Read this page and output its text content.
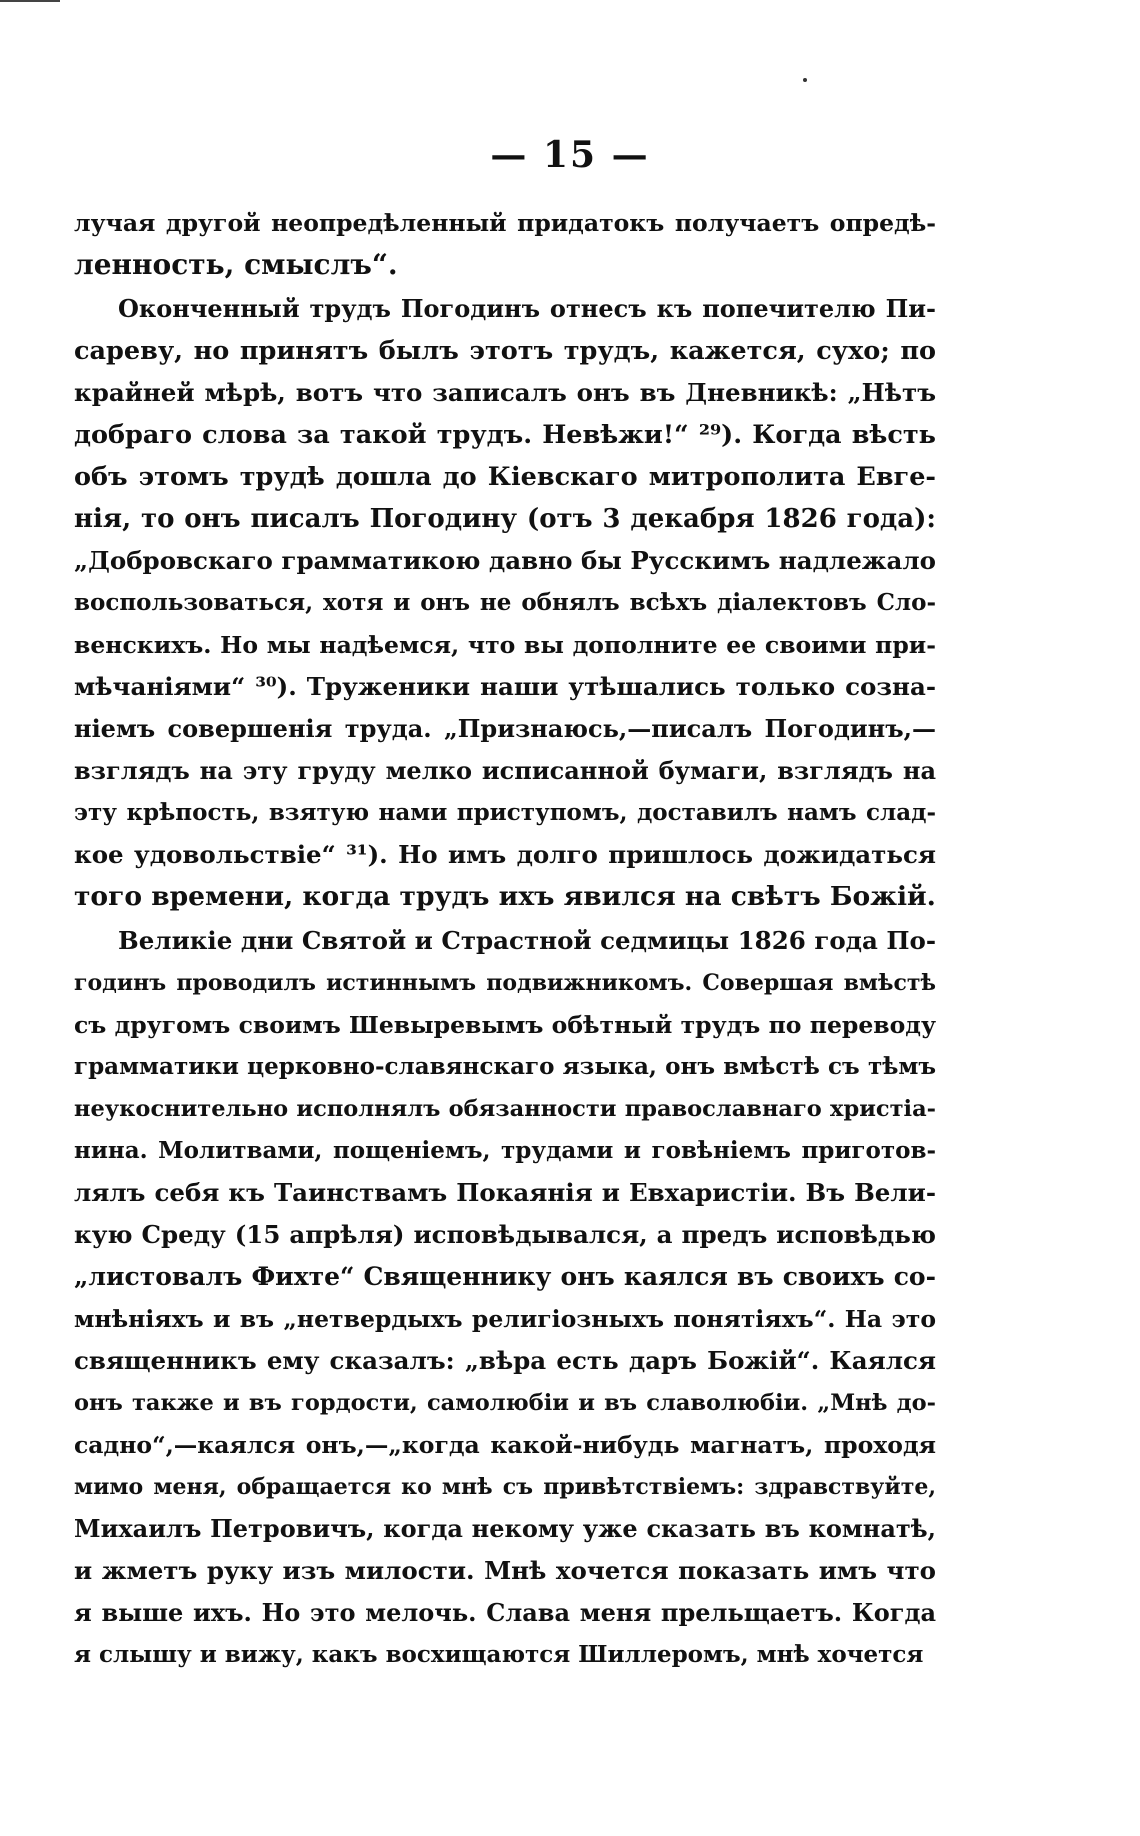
— 15 —
лучая другой неопредѣленный придатокъ получаетъ опредѣ-
ленность, смыслъ“.
Оконченный трудъ Погодинъ отнесъ къ попечителю Пи-
сареву, но принятъ былъ этотъ трудъ, кажется, сухо; по
крайней мѣрѣ, вотъ что записалъ онъ въ Дневникѣ: „Нѣтъ
добраго слова за такой трудъ. Невѣжи!“ ²⁹). Когда вѣсть
объ этомъ трудѣ дошла до Кіевскаго митрополита Евге-
нія, то онъ писалъ Погодину (отъ 3 декабря 1826 года):
„Добровскаго грамматикою давно бы Русскимъ надлежало
воспользоваться, хотя и онъ не обнялъ всѣхъ діалектовъ Сло-
венскихъ. Но мы надѣемся, что вы дополните ее своими при-
мѣчаніями“ ³⁰). Труженики наши утѣшались только созна-
ніемъ совершенія труда. „Признаюсь,—писалъ Погодинъ,—
взглядъ на эту груду мелко исписанной бумаги, взглядъ на
эту крѣпость, взятую нами приступомъ, доставилъ намъ слад-
кое удовольствіе“ ³¹). Но имъ долго пришлось дожидаться
того времени, когда трудъ ихъ явился на свѣтъ Божій.
Великіе дни Святой и Страстной седмицы 1826 года По-
годинъ проводилъ истиннымъ подвижникомъ. Совершая вмѣстѣ
съ другомъ своимъ Шевыревымъ обѣтный трудъ по переводу
грамматики церковно-славянскаго языка, онъ вмѣстѣ съ тѣмъ
неукоснительно исполнялъ обязанности православнаго христіа-
нина. Молитвами, пощеніемъ, трудами и говѣніемъ приготов-
лялъ себя къ Таинствамъ Покаянія и Евхаристіи. Въ Вели-
кую Среду (15 апрѣля) исповѣдывался, а предъ исповѣдью
„листовалъ Фихте“ Священнику онъ каялся въ своихъ со-
мнѣніяхъ и въ „нетвердыхъ религіозныхъ понятіяхъ“. На это
священникъ ему сказалъ: „вѣра есть даръ Божій“. Каялся
онъ также и въ гордости, самолюбіи и въ славолюбіи. „Мнѣ до-
садно“,—каялся онъ,—„когда какой-нибудь магнатъ, проходя
мимо меня, обращается ко мнѣ съ привѣтствіемъ: здравствуйте,
Михаилъ Петровичъ, когда некому уже сказать въ комнатѣ,
и жметъ руку изъ милости. Мнѣ хочется показать имъ что
я выше ихъ. Но это мелочь. Слава меня прельщаетъ. Когда
я слышу и вижу, какъ восхищаются Шиллеромъ, мнѣ хочется
